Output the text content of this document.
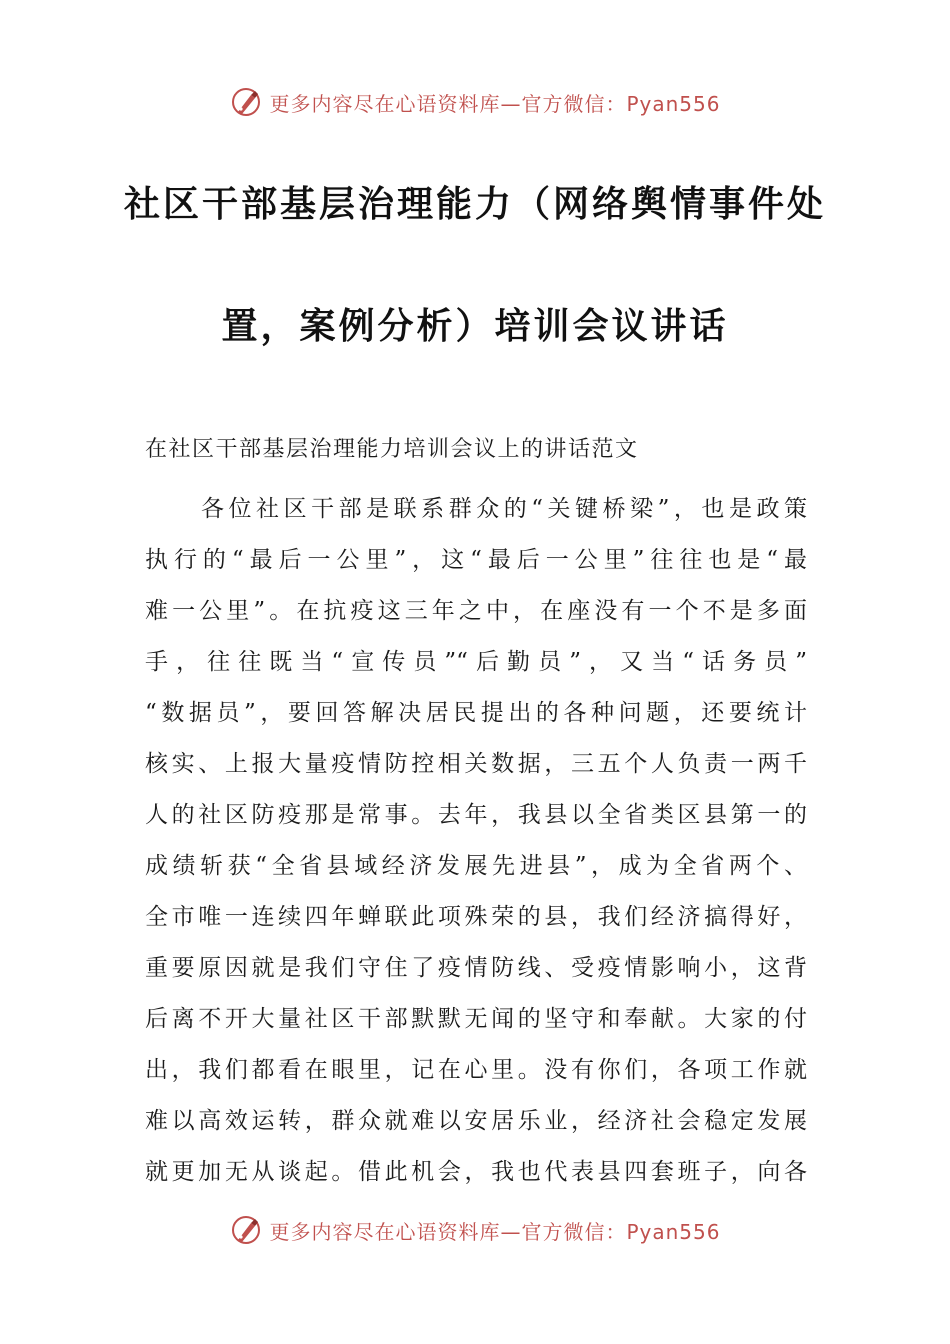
更多内容尽在心语资料库—官方微信：Pyan556
社区干部基层治理能力（网络舆情事件处
置，案例分析）培训会议讲话
在社区干部基层治理能力培训会议上的讲话范文
各位社区干部是联系群众的“关键桥梁”，也是政策
执行的“最后一公里”，这“最后一公里”往往也是“最
难一公里”。在抗疫这三年之中，在座没有一个不是多面
手，往往既当“宣传员”“后勤员”，又当“话务员”
“数据员”，要回答解决居民提出的各种问题，还要统计
核实、上报大量疫情防控相关数据，三五个人负责一两千
人的社区防疫那是常事。去年，我县以全省类区县第一的
成绩斩获“全省县域经济发展先进县”，成为全省两个、
全市唯一连续四年蝉联此项殊荣的县，我们经济搞得好，
重要原因就是我们守住了疫情防线、受疫情影响小，这背
后离不开大量社区干部默默无闻的坚守和奉献。大家的付
出，我们都看在眼里，记在心里。没有你们，各项工作就
难以高效运转，群众就难以安居乐业，经济社会稳定发展
就更加无从谈起。借此机会，我也代表县四套班子，向各
更多内容尽在心语资料库—官方微信：Pyan556
